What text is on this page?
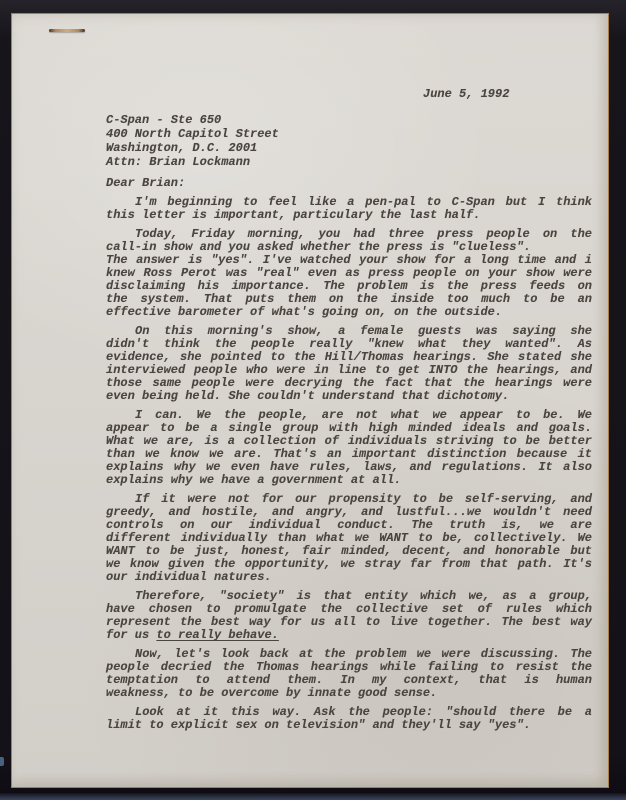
June 5, 1992
C-Span - Ste 650
400 North Capitol Street
Washington, D.C. 2001
Attn: Brian Lockmann
Dear Brian:
I'm beginning to feel like a pen-pal to C-Span but I think
this letter is important, particulary the last half.
Today, Friday morning, you had three press people on the
call-in show and you asked whether the press is "clueless".
The answer is "yes". I've watched your show for a long time and i
knew Ross Perot was "real" even as press people on your show were
disclaiming his importance. The problem is the press feeds on
the system. That puts them on the inside too much to be an
effective barometer of what's going on, on the outside.
On this morning's show, a female guests was saying she
didn't think the people really "knew what they wanted". As
evidence, she pointed to the Hill/Thomas hearings. She stated she
interviewed people who were in line to get INTO the hearings, and
those same people were decrying the fact that the hearings were
even being held. She couldn't understand that dichotomy.
I can. We the people, are not what we appear to be. We
appear to be a single group with high minded ideals and goals.
What we are, is a collection of individuals striving to be better
than we know we are. That's an important distinction because it
explains why we even have rules, laws, and regulations. It also
explains why we have a government at all.
If it were not for our propensity to be self-serving, and
greedy, and hostile, and angry, and lustful...we wouldn't need
controls on our individual conduct. The truth is, we are
different individually than what we WANT to be, collectively. We
WANT to be just, honest, fair minded, decent, and honorable but
we know given the opportunity, we stray far from that path. It's
our individual natures.
Therefore, "society" is that entity which we, as a group,
have chosen to promulgate the collective set of rules which
represent the best way for us all to live together. The best way
for us to really behave.
Now, let's look back at the problem we were discussing. The
people decried the Thomas hearings while failing to resist the
temptation to attend them. In my context, that is human
weakness, to be overcome by innate good sense.
Look at it this way. Ask the people: "should there be a
limit to explicit sex on television" and they'll say "yes".
